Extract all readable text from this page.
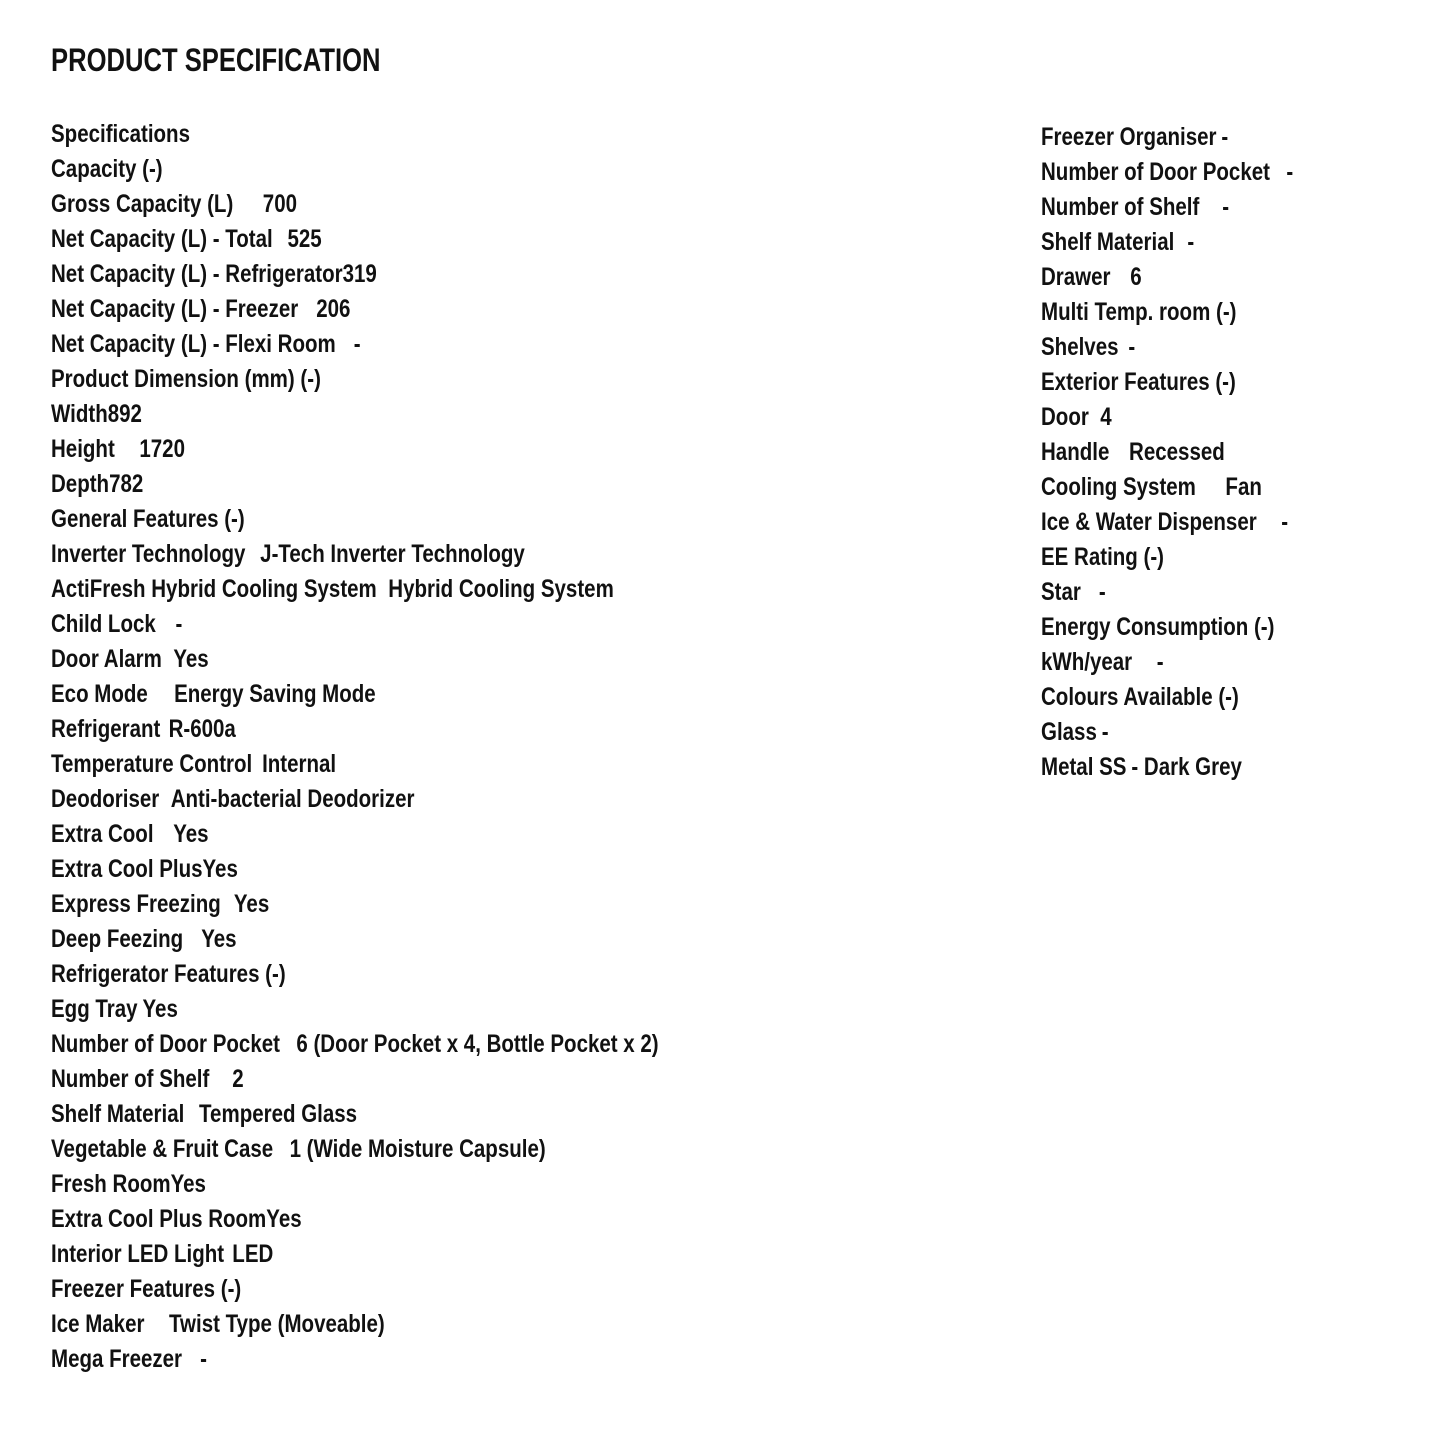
PRODUCT SPECIFICATION
Specifications
Capacity (-)
Gross Capacity (L) 700
Net Capacity (L) - Total 525
Net Capacity (L) - Refrigerator319
Net Capacity (L) - Freezer 206
Net Capacity (L) - Flexi Room -
Product Dimension (mm) (-)
Width892
Height 1720
Depth782
General Features (-)
Inverter Technology J-Tech Inverter Technology
ActiFresh Hybrid Cooling System Hybrid Cooling System
Child Lock -
Door Alarm Yes
Eco Mode Energy Saving Mode
Refrigerant R-600a
Temperature Control Internal
Deodoriser Anti-bacterial Deodorizer
Extra Cool Yes
Extra Cool PlusYes
Express Freezing Yes
Deep Feezing Yes
Refrigerator Features (-)
Egg Tray Yes
Number of Door Pocket 6 (Door Pocket x 4, Bottle Pocket x 2)
Number of Shelf 2
Shelf Material Tempered Glass
Vegetable & Fruit Case 1 (Wide Moisture Capsule)
Fresh RoomYes
Extra Cool Plus RoomYes
Interior LED Light LED
Freezer Features (-)
Ice Maker Twist Type (Moveable)
Mega Freezer -
Freezer Organiser -
Number of Door Pocket -
Number of Shelf -
Shelf Material -
Drawer 6
Multi Temp. room (-)
Shelves -
Exterior Features (-)
Door 4
Handle Recessed
Cooling System Fan
Ice & Water Dispenser -
EE Rating (-)
Star -
Energy Consumption (-)
kWh/year -
Colours Available (-)
Glass -
Metal SS - Dark Grey
